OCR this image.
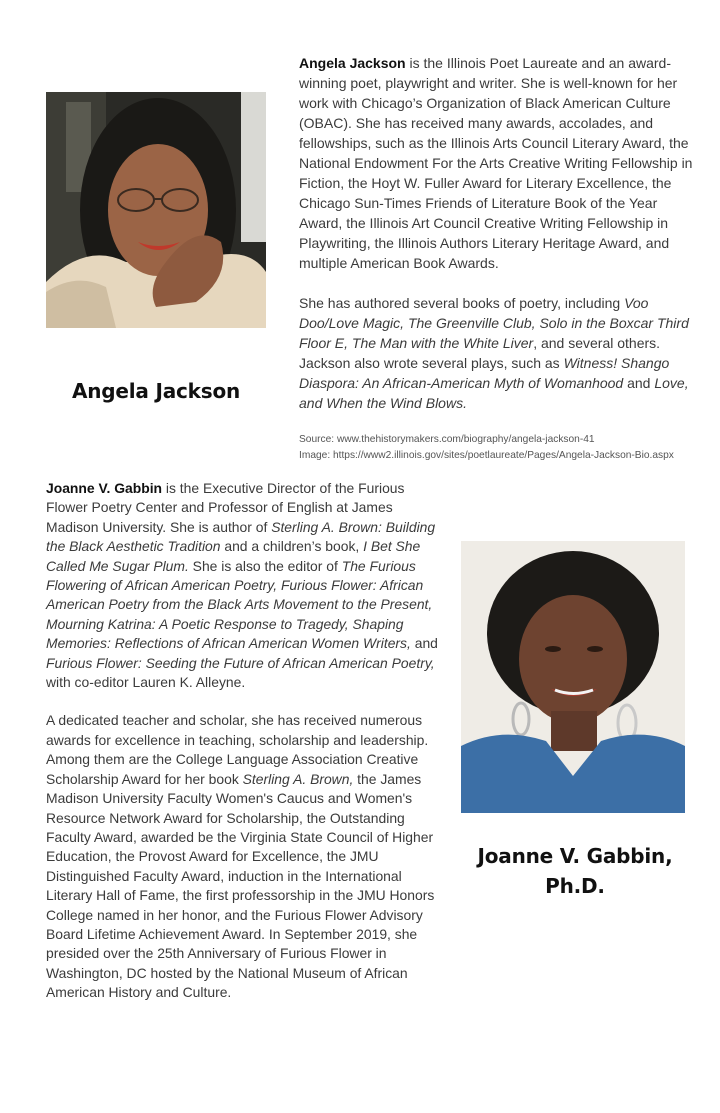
Angela Jackson

Angela Jackson is the Illinois Poet Laureate and an award-winning poet, playwright and writer. She is well-known for her work with Chicago’s Organization of Black American Culture (OBAC). She has received many awards, accolades, and fellowships, such as the Illinois Arts Council Literary Award, the National Endowment For the Arts Creative Writing Fellowship in Fiction, the Hoyt W. Fuller Award for Literary Excellence, the Chicago Sun-Times Friends of Literature Book of the Year Award, the Illinois Art Council Creative Writing Fellowship in Playwriting, the Illinois Authors Literary Heritage Award, and multiple American Book Awards.

She has authored several books of poetry, including Voo Doo/Love Magic, The Greenville Club, Solo in the Boxcar Third Floor E, The Man with the White Liver, and several others. Jackson also wrote several plays, such as Witness! Shango Diaspora: An African-American Myth of Womanhood and Love, and When the Wind Blows.

Source: www.thehistorymakers.com/biography/angela-jackson-41
Image: https://www2.illinois.gov/sites/poetlaureate/Pages/Angela-Jackson-Bio.aspx

Joanne V. Gabbin is the Executive Director of the Furious Flower Poetry Center and Professor of English at James Madison University. She is author of Sterling A. Brown: Building the Black Aesthetic Tradition and a children’s book, I Bet She Called Me Sugar Plum. She is also the editor of The Furious Flowering of African American Poetry, Furious Flower: African American Poetry from the Black Arts Movement to the Present, Mourning Katrina: A Poetic Response to Tragedy, Shaping Memories: Reflections of African American Women Writers, and Furious Flower: Seeding the Future of African American Poetry, with co-editor Lauren K. Alleyne.

A dedicated teacher and scholar, she has received numerous awards for excellence in teaching, scholarship and leadership. Among them are the College Language Association Creative Scholarship Award for her book Sterling A. Brown, the James Madison University Faculty Women's Caucus and Women's Resource Network Award for Scholarship, the Outstanding Faculty Award, awarded be the Virginia State Council of Higher Education, the Provost Award for Excellence, the JMU Distinguished Faculty Award, induction in the International Literary Hall of Fame, the first professorship in the JMU Honors College named in her honor, and the Furious Flower Advisory Board Lifetime Achievement Award. In September 2019, she presided over the 25th Anniversary of Furious Flower in Washington, DC hosted by the National Museum of African American History and Culture.

Joanne V. Gabbin, Ph.D.
